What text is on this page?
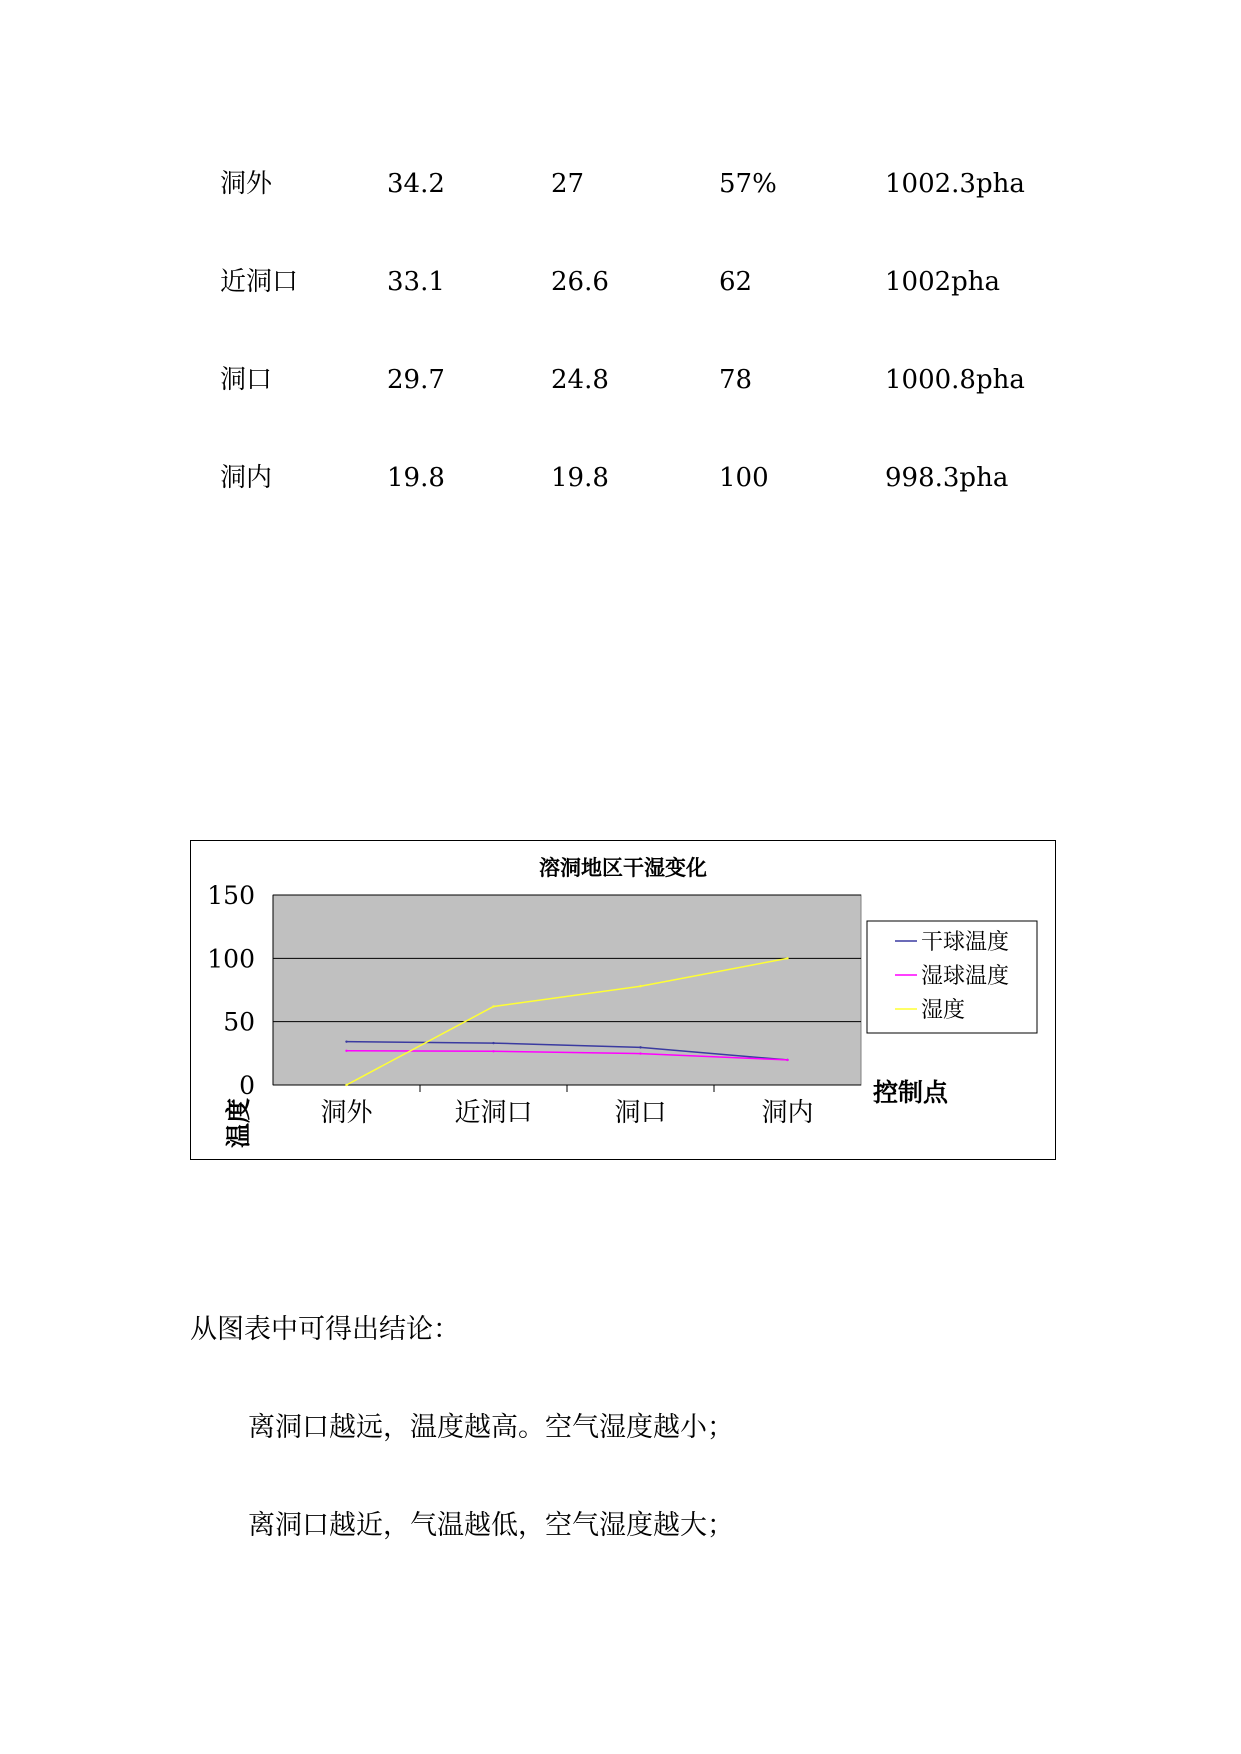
洞外	34.2	27	57%	1002.3pha
近洞口	33.1	26.6	62	1002pha
洞口	29.7	24.8	78	1000.8pha
洞内	19.8	19.8	100	998.3pha
溶洞地区干湿变化
0
50
100
150
洞外	近洞口	洞口	洞内
控制点
温度
干球温度
湿球温度
湿度
从图表中可得出结论：
离洞口越远，温度越高。空气湿度越小；
离洞口越近，气温越低，空气湿度越大；
